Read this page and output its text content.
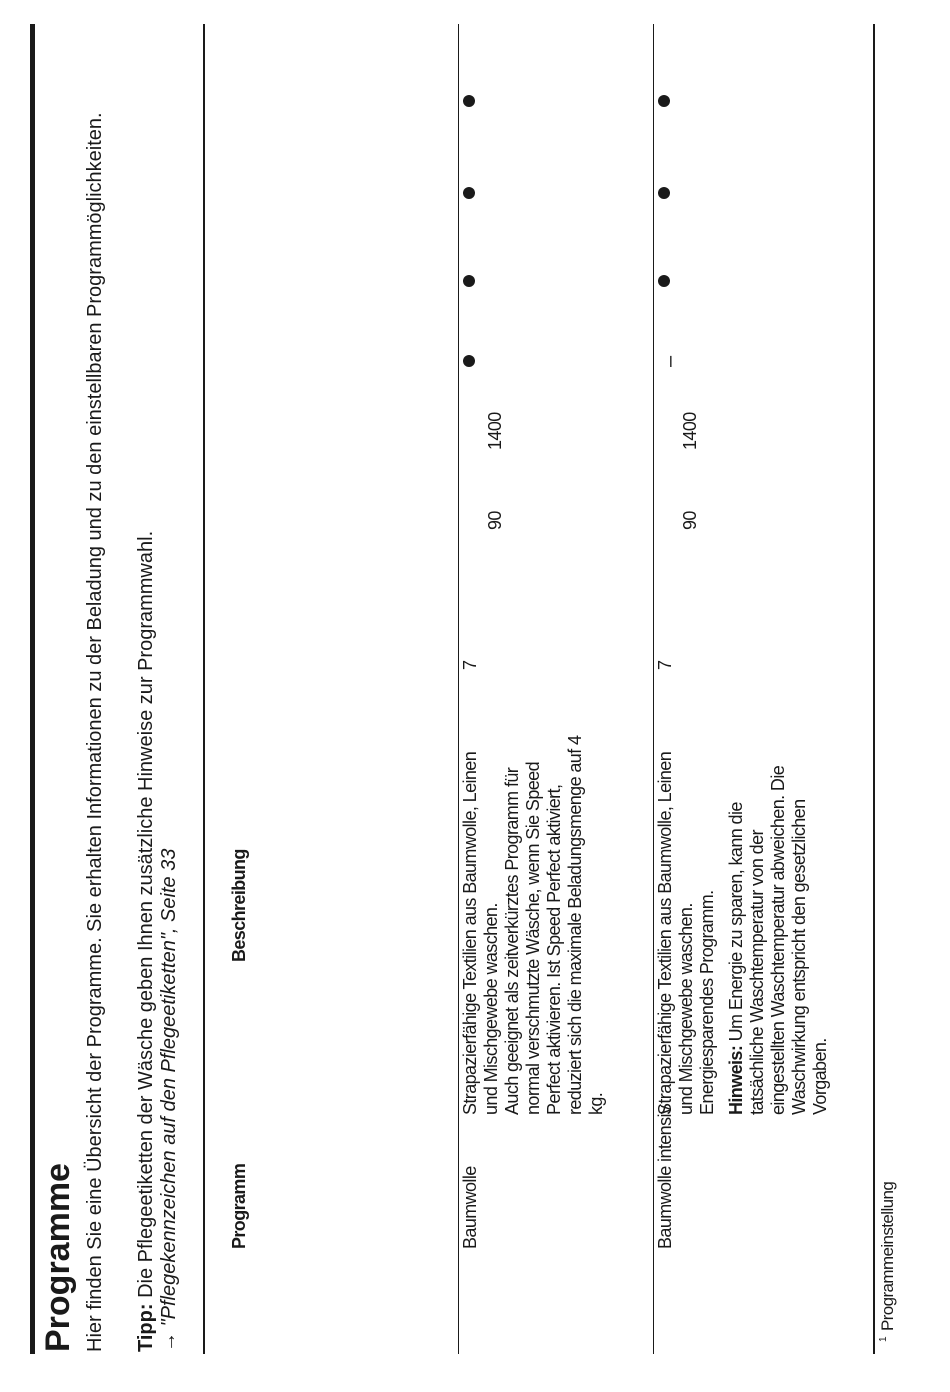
Programme Hier finden Sie eine Übersicht der Programme. Sie erhalten Informationen zu der Beladung und zu den einstellbaren Programmöglichkeiten. Tipp: Die Pflegeetiketten der Wäsche geben Ihnen zusätzliche Hinweise zur Programmwahl.
→ "Pflegekennzeichen auf den Pflegeetiketten", Seite 33	Programm
Beschreibung
Baumwolle

Strapazierfähige Textilien aus Baumwolle, Leinen und Mischgewebe waschen. Auch geeignet als zeitverkürztes Programm für normal verschmutzte Wäsche, wenn Sie Speed Perfect aktivieren. Ist Speed Perfect aktiviert, reduziert sich die maximale Beladungsmenge auf 4 kg.

7
90
1400
Baumwolle intensiv

Strapazierfähige Textilien aus Baumwolle, Leinen und Mischgewebe waschen. Energiesparendes Programm. Hinweis: Um Energie zu sparen, kann die tatsächliche Waschtemperatur von der eingestellten Waschtemperatur abweichen. Die Waschwirkung entspricht den gesetzlichen Vorgaben.

7
90
1400
–
$^1$Programmeinstellung
